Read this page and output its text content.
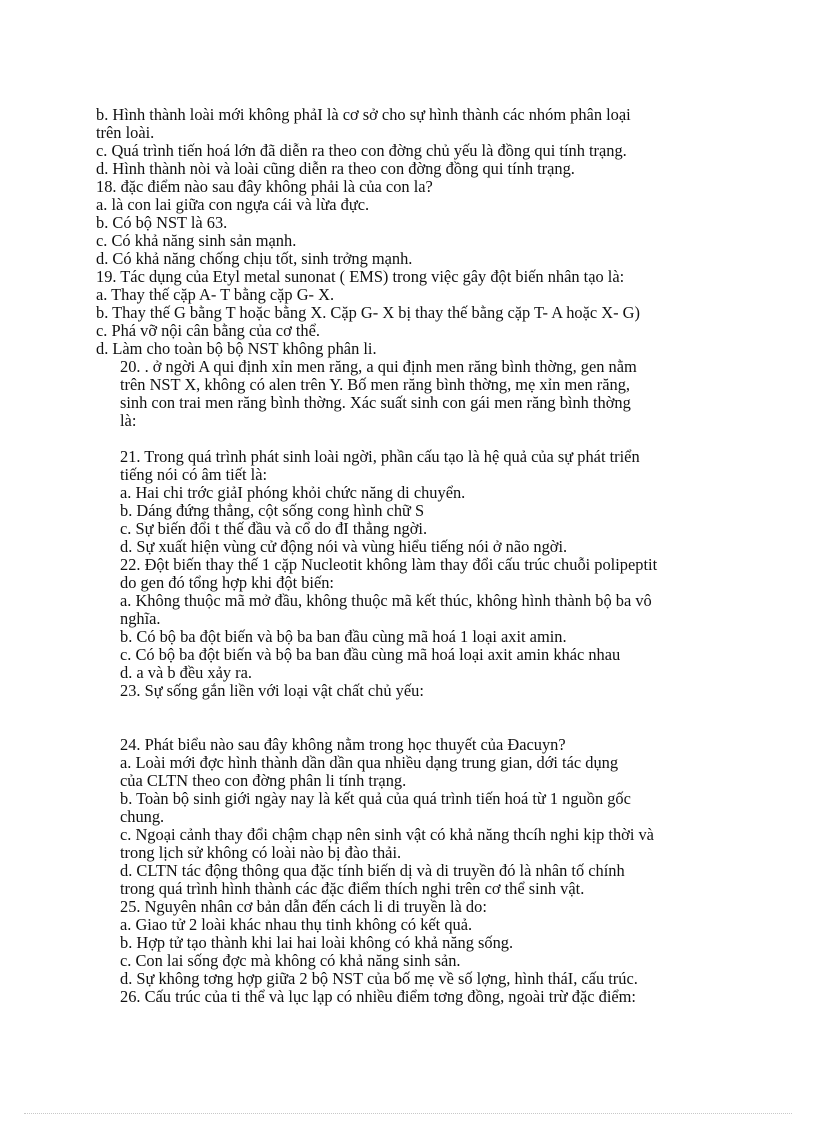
b. Hình thành loài mới không phảI là cơ sở cho sự hình thành các nhóm phân loại
trên loài.
c. Quá trình tiến hoá lớn đã diễn ra theo con đờng chủ yếu là đồng qui tính trạng.
d. Hình thành nòi và loài cũng diễn ra theo con đờng đồng qui tính trạng.
18. đặc điểm nào sau đây không phải là của con la?
a. là con lai giữa con ngựa cái và lừa đực.
b. Có bộ NST là 63.
c. Có khả năng sinh sản mạnh.
d. Có khả năng chống chịu tốt, sinh trởng mạnh.
19. Tác dụng của Etyl metal sunonat ( EMS) trong việc gây đột biến nhân tạo là:
a. Thay thế cặp A- T bằng cặp G- X.
b. Thay thế G bằng T hoặc bằng X. Cặp G- X bị thay thế bằng cặp T- A hoặc X- G)
c. Phá vỡ nội cân bằng của cơ thể.
d. Làm cho toàn bộ bộ NST không phân li.
20. . ở ngời A qui định xỉn men răng, a qui định men răng bình thờng, gen nằm
trên NST X, không có alen trên Y. Bố men răng bình thờng, mẹ xỉn men răng,
sinh con trai men răng bình thờng. Xác suất sinh con gái men răng bình thờng
là:
21. Trong quá trình phát sinh loài ngời, phần cấu tạo là hệ quả của sự phát triển
tiếng nói có âm tiết là:
a. Hai chi trớc giảI phóng khỏi chức năng di chuyển.
b. Dáng đứng thẳng, cột sống cong hình chữ S
c. Sự biến đổi t thế đầu và cổ do đI thẳng ngời.
d. Sự xuất hiện vùng cử động nói và vùng hiểu tiếng nói ở não ngời.
22. Đột biến thay thế 1 cặp Nucleotit không làm thay đổi cấu trúc chuỗi polipeptit
do gen đó tổng hợp khi đột biến:
a. Không thuộc mã mở đầu, không thuộc mã kết thúc, không hình thành bộ ba vô
nghĩa.
b. Có bộ ba đột biến và bộ ba ban đầu cùng mã hoá 1 loại axit amin.
c. Có bộ ba đột biến và bộ ba ban đầu cùng mã hoá loại axit amin khác nhau
d. a và b đều xảy ra.
23. Sự sống gắn liền với loại vật chất chủ yếu:
24. Phát biểu nào sau đây không nằm trong học thuyết của Đacuyn?
a. Loài mới đợc hình thành dần dần qua nhiều dạng trung gian, dới tác dụng
của CLTN theo con đờng phân li tính trạng.
b. Toàn bộ sinh giới ngày nay là kết quả của quá trình tiến hoá từ 1 nguồn gốc
chung.
c. Ngoại cảnh thay đổi chậm chạp nên sinh vật có khả năng thcíh nghi kịp thời và
trong lịch sử không có loài nào bị đào thải.
d. CLTN tác động thông qua đặc tính biến dị và di truyền đó là nhân tố chính
trong quá trình hình thành các đặc điểm thích nghi trên cơ thể sinh vật.
25. Nguyên nhân cơ bản dẫn đến cách li di truyền là do:
a. Giao tử 2 loài khác nhau thụ tinh không có kết quả.
b. Hợp tử tạo thành khi lai hai loài không có khả năng sống.
c. Con lai sống đợc mà không có khả năng sinh sản.
d. Sự không tơng hợp giữa 2 bộ NST của bố mẹ về số lợng, hình tháI, cấu trúc.
26. Cấu trúc của ti thể và lục lạp có nhiều điểm tơng đồng, ngoài trừ đặc điểm:
